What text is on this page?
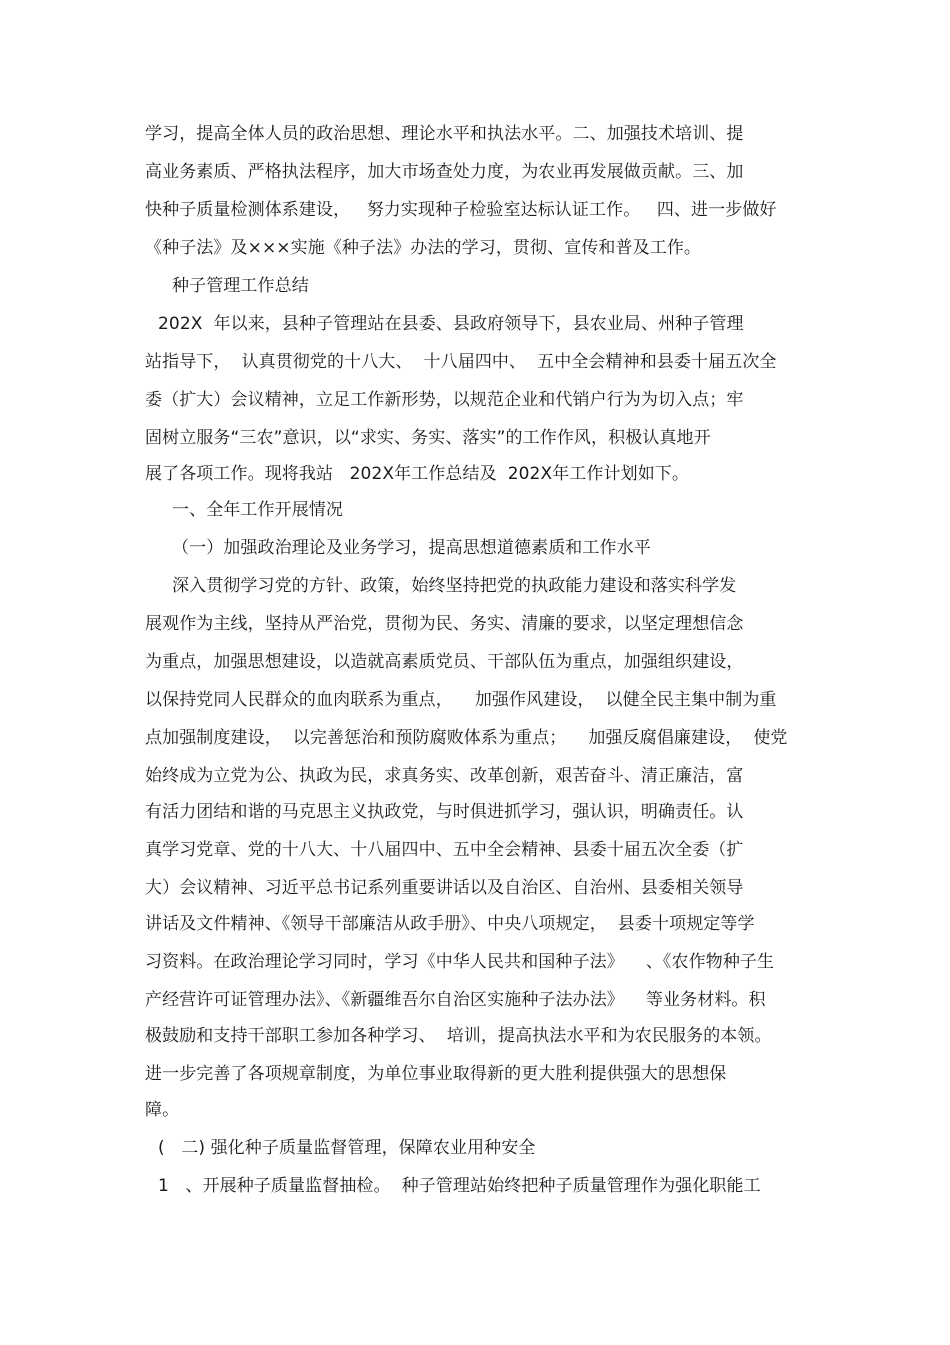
学习，提高全体人员的政治思想、理论水平和执法水平。二、加强技术培训、提
高业务素质、严格执法程序，加大市场查处力度，为农业再发展做贡献。三、加
快种子质量检测体系建设，   努力实现种子检验室达标认证工作。   四、进一步做好
《种子法》及×××实施《种子法》办法的学习，贯彻、宣传和普及工作。
种子管理工作总结
202X  年以来，县种子管理站在县委、县政府领导下，县农业局、州种子管理
站指导下，  认真贯彻党的十八大、  十八届四中、  五中全会精神和县委十届五次全
委（扩大）会议精神，立足工作新形势，以规范企业和代销户行为为切入点；牢
固树立服务“三农”意识，以“求实、务实、落实”的工作作风，积极认真地开
展了各项工作。现将我站   202X年工作总结及  202X年工作计划如下。
一、全年工作开展情况
（一）加强政治理论及业务学习，提高思想道德素质和工作水平
深入贯彻学习党的方针、政策，始终坚持把党的执政能力建设和落实科学发
展观作为主线，坚持从严治党，贯彻为民、务实、清廉的要求，以坚定理想信念
为重点，加强思想建设，以造就高素质党员、干部队伍为重点，加强组织建设，
以保持党同人民群众的血肉联系为重点，    加强作风建设，  以健全民主集中制为重
点加强制度建设，  以完善惩治和预防腐败体系为重点；    加强反腐倡廉建设，  使党
始终成为立党为公、执政为民，求真务实、改革创新，艰苦奋斗、清正廉洁，富
有活力团结和谐的马克思主义执政党，与时俱进抓学习，强认识，明确责任。认
真学习党章、党的十八大、十八届四中、五中全会精神、县委十届五次全委（扩
大）会议精神、习近平总书记系列重要讲话以及自治区、自治州、县委相关领导
讲话及文件精神、《领导干部廉洁从政手册》、中央八项规定，  县委十项规定等学
习资料。在政治理论学习同时，学习《中华人民共和国种子法》    、《农作物种子生
产经营许可证管理办法》、《新疆维吾尔自治区实施种子法办法》    等业务材料。积
极鼓励和支持干部职工参加各种学习、  培训，提高执法水平和为农民服务的本领。
进一步完善了各项规章制度，为单位事业取得新的更大胜利提供强大的思想保
障。
(   二) 强化种子质量监督管理，保障农业用种安全
1   、开展种子质量监督抽检。  种子管理站始终把种子质量管理作为强化职能工
